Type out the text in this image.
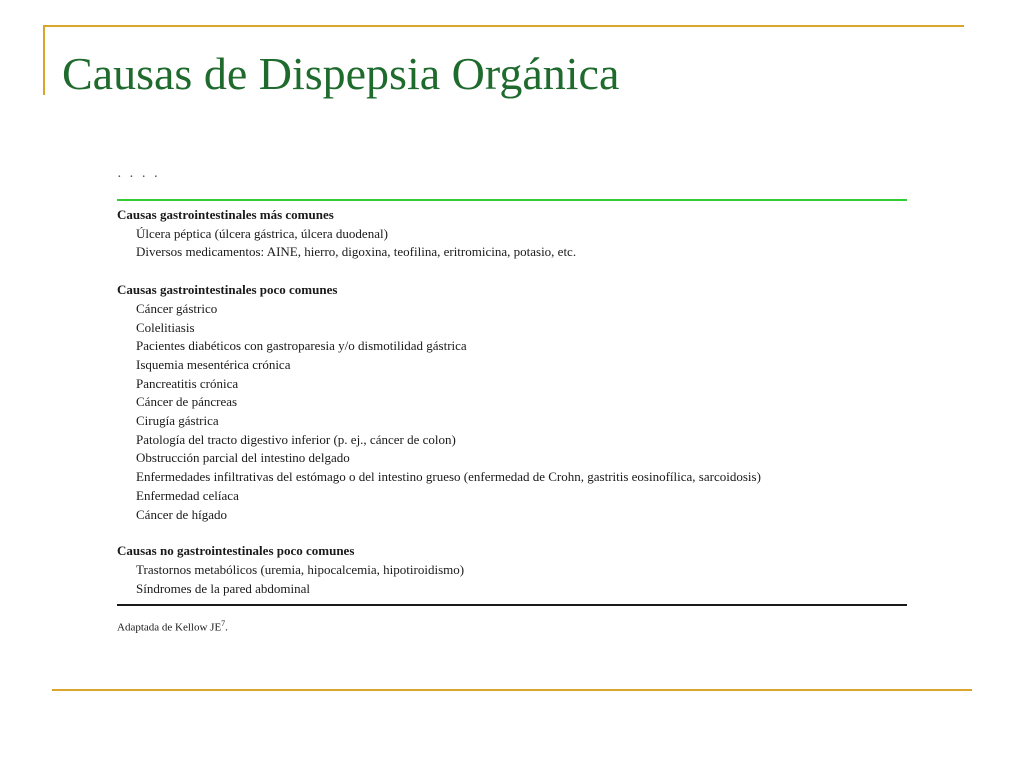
Causas de Dispepsia Orgánica
· · · ·
Causas gastrointestinales más comunes
Úlcera péptica (úlcera gástrica, úlcera duodenal)
Diversos medicamentos: AINE, hierro, digoxina, teofilina, eritromicina, potasio, etc.
Causas gastrointestinales poco comunes
Cáncer gástrico
Colelitiasis
Pacientes diabéticos con gastroparesia y/o dismotilidad gástrica
Isquemia mesentérica crónica
Pancreatitis crónica
Cáncer de páncreas
Cirugía gástrica
Patología del tracto digestivo inferior (p. ej., cáncer de colon)
Obstrucción parcial del intestino delgado
Enfermedades infiltrativas del estómago o del intestino grueso (enfermedad de Crohn, gastritis eosinofílica, sarcoidosis)
Enfermedad celíaca
Cáncer de hígado
Causas no gastrointestinales poco comunes
Trastornos metabólicos (uremia, hipocalcemia, hipotiroidismo)
Síndromes de la pared abdominal
Adaptada de Kellow $JE^7$.
